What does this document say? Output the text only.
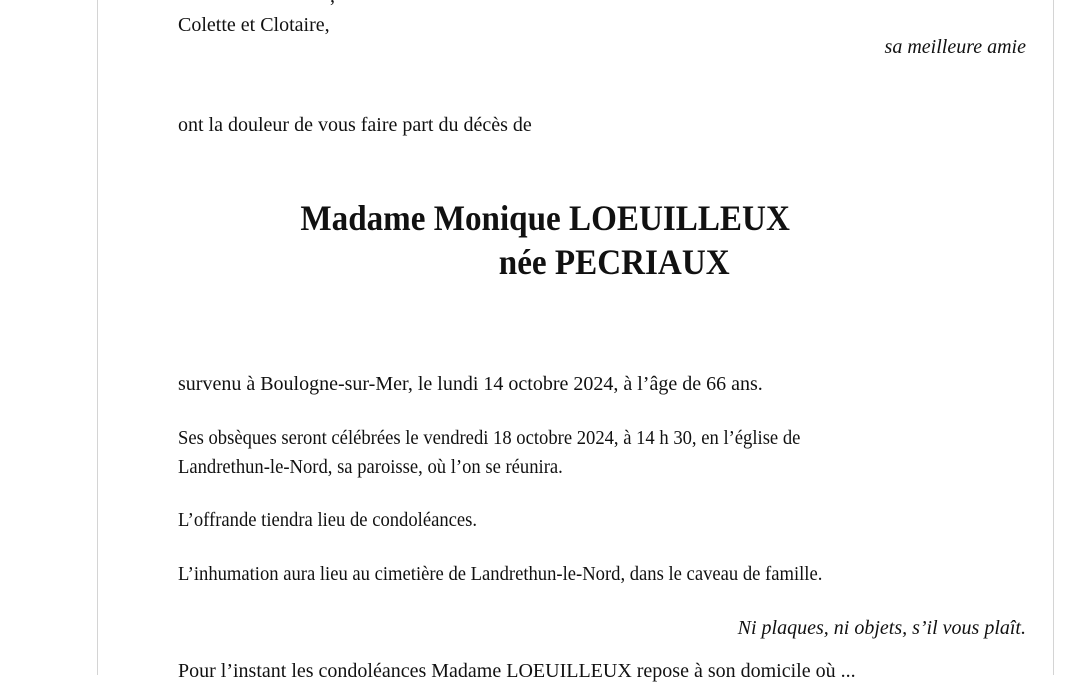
Colette et Clotaire,
sa meilleure amie
ont la douleur de vous faire part du décès de
Madame Monique LOEUILLEUX
née PECRIAUX
survenu à Boulogne-sur-Mer, le lundi 14 octobre 2024, à l’âge de 66 ans.
Ses obsèques seront célébrées le vendredi 18 octobre 2024, à 14 h 30, en l’église de
Landrethun-le-Nord, sa paroisse, où l’on se réunira.
L’offrande tiendra lieu de condoléances.
L’inhumation aura lieu au cimetière de Landrethun-le-Nord, dans le caveau de famille.
Ni plaques, ni objets, s’il vous plaît.
Pour l’instant les condoléances Madame LOEUILLEUX repose à son domicile où ...
